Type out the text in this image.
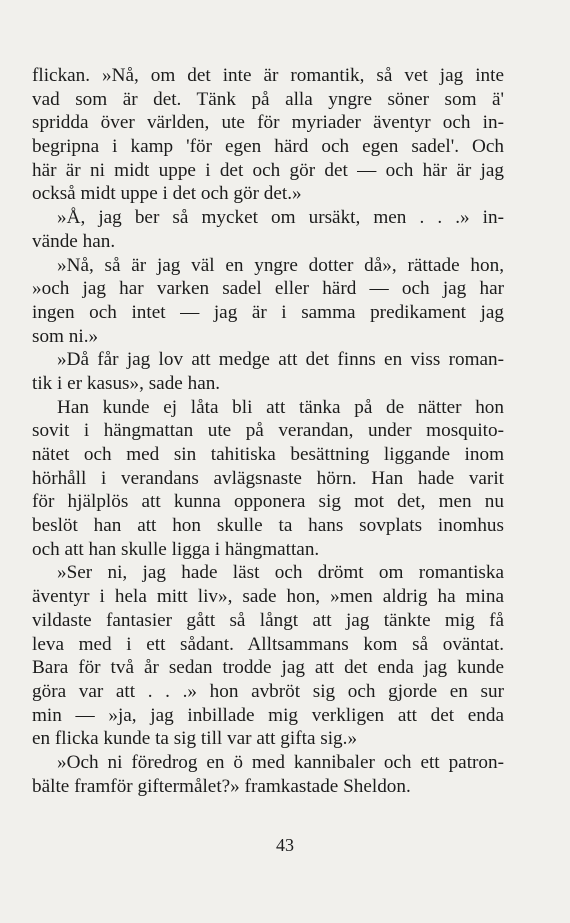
flickan. »Nå, om det inte är romantik, så vet jag inte
vad som är det. Tänk på alla yngre söner som ä'
spridda över världen, ute för myriader äventyr och in-
begripna i kamp 'för egen härd och egen sadel'. Och
här är ni midt uppe i det och gör det — och här är jag
också midt uppe i det och gör det.»
»Å, jag ber så mycket om ursäkt, men . . .» in-
vände han.
»Nå, så är jag väl en yngre dotter då», rättade hon,
»och jag har varken sadel eller härd — och jag har
ingen och intet — jag är i samma predikament jag
som ni.»
»Då får jag lov att medge att det finns en viss roman-
tik i er kasus», sade han.
Han kunde ej låta bli att tänka på de nätter hon
sovit i hängmattan ute på verandan, under mosquito-
nätet och med sin tahitiska besättning liggande inom
hörhåll i verandans avlägsnaste hörn. Han hade varit
för hjälplös att kunna opponera sig mot det, men nu
beslöt han att hon skulle ta hans sovplats inomhus
och att han skulle ligga i hängmattan.
»Ser ni, jag hade läst och drömt om romantiska
äventyr i hela mitt liv», sade hon, »men aldrig ha mina
vildaste fantasier gått så långt att jag tänkte mig få
leva med i ett sådant. Alltsammans kom så oväntat.
Bara för två år sedan trodde jag att det enda jag kunde
göra var att . . .» hon avbröt sig och gjorde en sur
min — »ja, jag inbillade mig verkligen att det enda
en flicka kunde ta sig till var att gifta sig.»
»Och ni föredrog en ö med kannibaler och ett patron-
bälte framför giftermålet?» framkastade Sheldon.
43
